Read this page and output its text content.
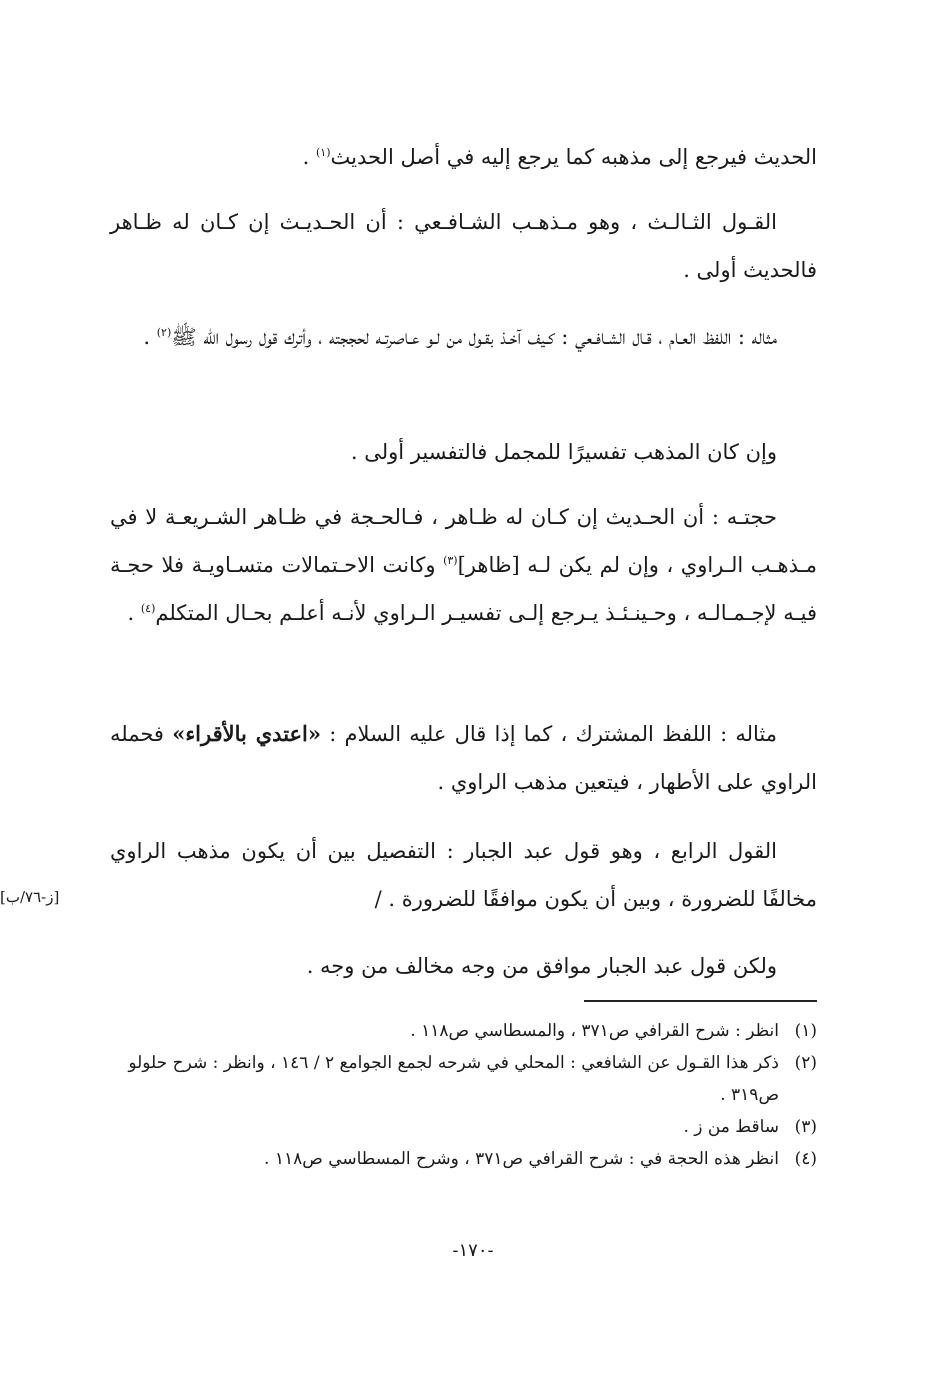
الحديث فيرجع إلى مذهبه كما يرجع إليه في أصل الحديث$^{(١)}$ .

القـول الثـالـث ، وهو مـذهـب الشـافـعي : أن الحـديـث إن كـان له ظـاهر فالحديث أولى .

مثاله : اللفظ العـام ، قـال الشـافـعي : كـيف آخـذ بقـول من لـو عـاصرتـه لحججته ، وأترك قول رسول الله ﷺ$^{(٢)}$ .

وإن كان المذهب تفسيرًا للمجمل فالتفسير أولى .

حجتـه : أن الحـديث إن كـان له ظـاهر ، فـالحـجة في ظـاهر الشـريعـة لا في مـذهـب الـراوي ، وإن لم يكن لـه [ظاهر]$^{(٣)}$ وكانت الاحـتمالات متسـاويـة فلا حجـة فيـه لإجـمـالـه ، وحـينـئـذ يـرجع إلـى تفسيـر الـراوي لأنـه أعلـم بحـال المتكلم$^{(٤)}$ .

مثاله : اللفظ المشترك ، كما إذا قال عليه السلام : «اعتدي بالأقراء» فحمله الراوي على الأطهار ، فيتعين مذهب الراوي .

القول الرابع ، وهو قول عبد الجبار : التفصيل بين أن يكون مذهب الراوي مخالفًا للضرورة ، وبين أن يكون موافقًا للضرورة . /

[ز-٧٦/ب]

ولكن قول عبد الجبار موافق من وجه مخالف من وجه .

(١)
انظر : شرح القرافي ص٣٧١ ، والمسطاسي ص١١٨ .

(٢)
ذكر هذا القـول عن الشافعي : المحلي في شرحه لجمع الجوامع ٢ / ١٤٦ ، وانظر : شرح حلولو ص٣١٩ .

(٣)
ساقط من ز .

(٤)
انظر هذه الحجة في : شرح القرافي ص٣٧١ ، وشرح المسطاسي ص١١٨ .

-١٧٠-
